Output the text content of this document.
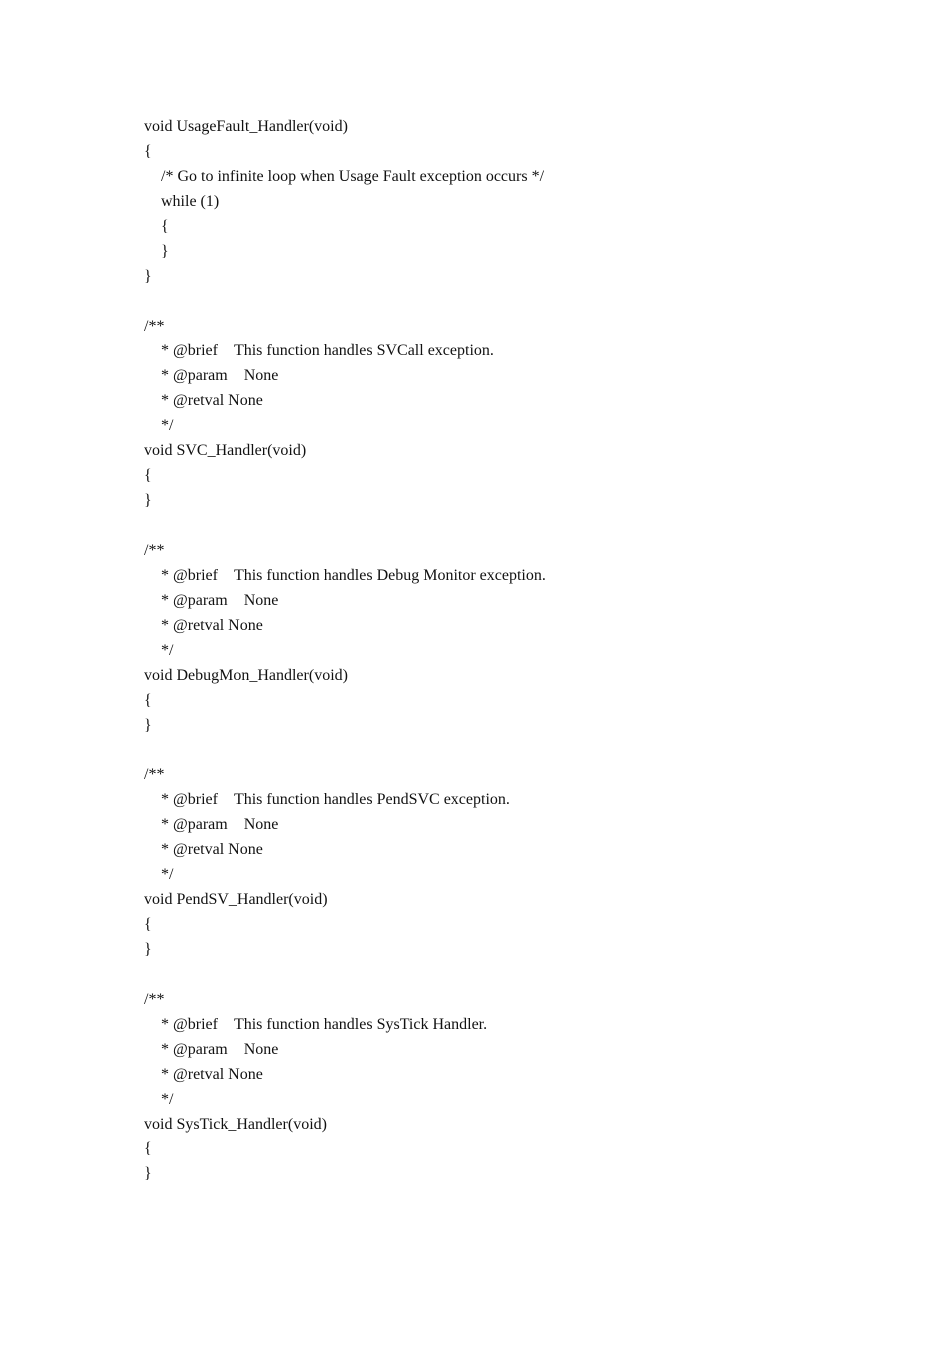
void UsageFault_Handler(void)
{
/* Go to infinite loop when Usage Fault exception occurs */
while (1)
{
}
}
/**
* @brief This function handles SVCall exception.
* @param None
* @retval None
*/
void SVC_Handler(void)
{
}
/**
* @brief This function handles Debug Monitor exception.
* @param None
* @retval None
*/
void DebugMon_Handler(void)
{
}
/**
* @brief This function handles PendSVC exception.
* @param None
* @retval None
*/
void PendSV_Handler(void)
{
}
/**
* @brief This function handles SysTick Handler.
* @param None
* @retval None
*/
void SysTick_Handler(void)
{
}
